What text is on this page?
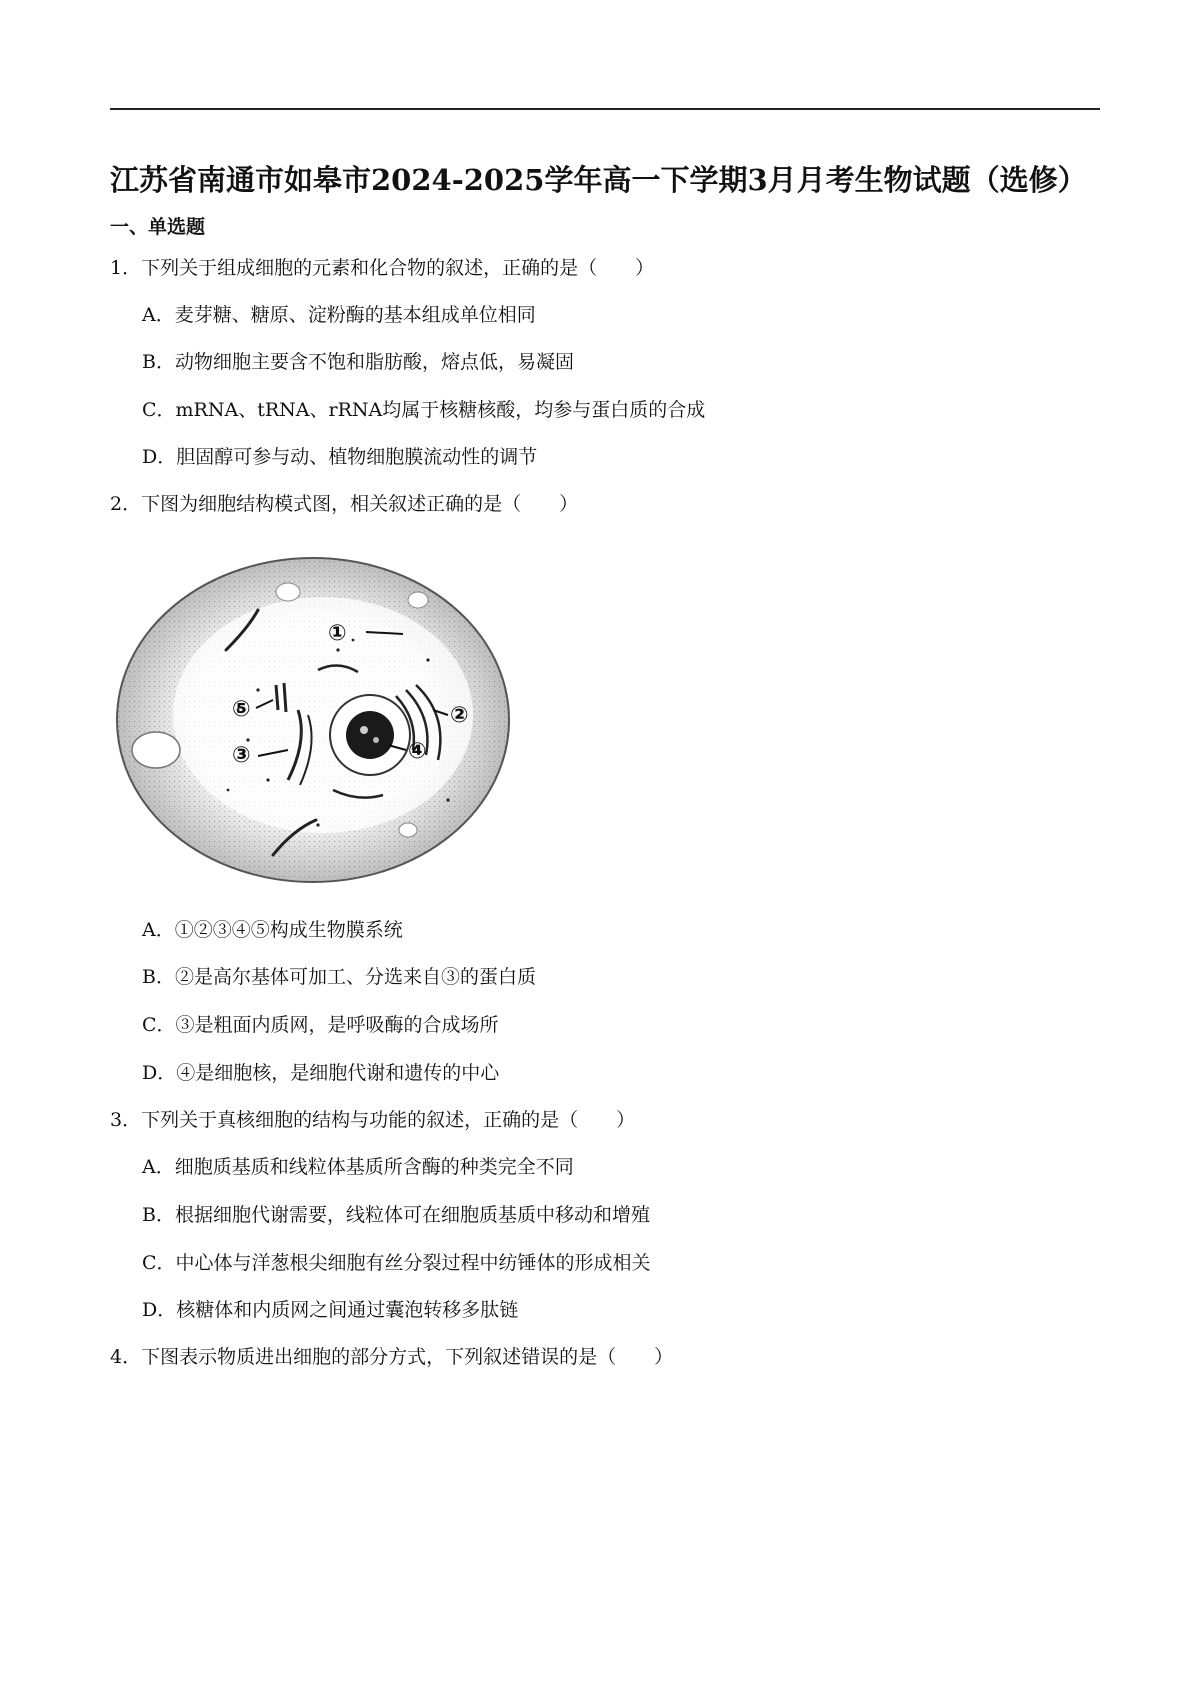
江苏省南通市如皋市2024-2025学年高一下学期3月月考生物试题（选修）
一、单选题
1．下列关于组成细胞的元素和化合物的叙述，正确的是（　　）
A．麦芽糖、糖原、淀粉酶的基本组成单位相同
B．动物细胞主要含不饱和脂肪酸，熔点低，易凝固
C．mRNA、tRNA、rRNA均属于核糖核酸，均参与蛋白质的合成
D．胆固醇可参与动、植物细胞膜流动性的调节
2．下图为细胞结构模式图，相关叙述正确的是（　　）
①
②
③	④
⑤
A．①②③④⑤构成生物膜系统
B．②是高尔基体可加工、分选来自③的蛋白质
C．③是粗面内质网，是呼吸酶的合成场所
D．④是细胞核，是细胞代谢和遗传的中心
3．下列关于真核细胞的结构与功能的叙述，正确的是（　　）
A．细胞质基质和线粒体基质所含酶的种类完全不同
B．根据细胞代谢需要，线粒体可在细胞质基质中移动和增殖
C．中心体与洋葱根尖细胞有丝分裂过程中纺锤体的形成相关
D．核糖体和内质网之间通过囊泡转移多肽链
4．下图表示物质进出细胞的部分方式，下列叙述错误的是（　　）
